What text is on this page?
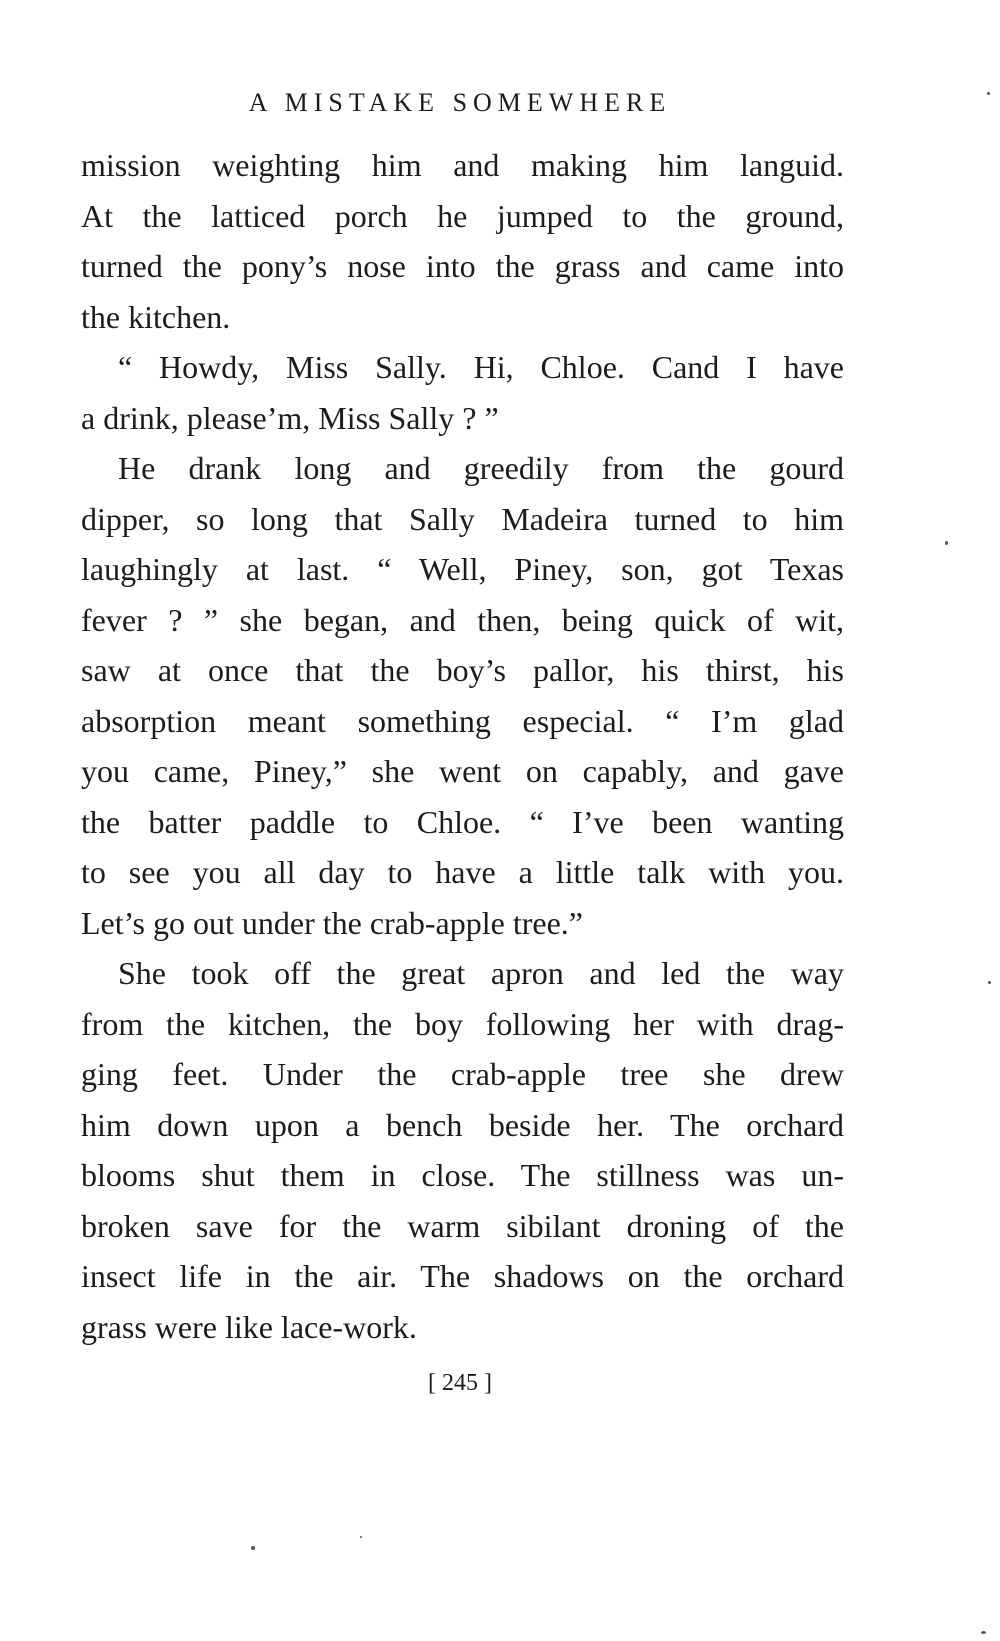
A MISTAKE SOMEWHERE
mission weighting him and making him languid.
At the latticed porch he jumped to the ground,
turned the pony’s nose into the grass and came into
the kitchen.
“ Howdy, Miss Sally. Hi, Chloe. Cand I have
a drink, please’m, Miss Sally ? ”
He drank long and greedily from the gourd
dipper, so long that Sally Madeira turned to him
laughingly at last. “ Well, Piney, son, got Texas
fever ? ” she began, and then, being quick of wit,
saw at once that the boy’s pallor, his thirst, his
absorption meant something especial. “ I’m glad
you came, Piney,” she went on capably, and gave
the batter paddle to Chloe. “ I’ve been wanting
to see you all day to have a little talk with you.
Let’s go out under the crab-apple tree.”
She took off the great apron and led the way
from the kitchen, the boy following her with drag-
ging feet. Under the crab-apple tree she drew
him down upon a bench beside her. The orchard
blooms shut them in close. The stillness was un-
broken save for the warm sibilant droning of the
insect life in the air. The shadows on the orchard
grass were like lace-work.
[ 245 ]
